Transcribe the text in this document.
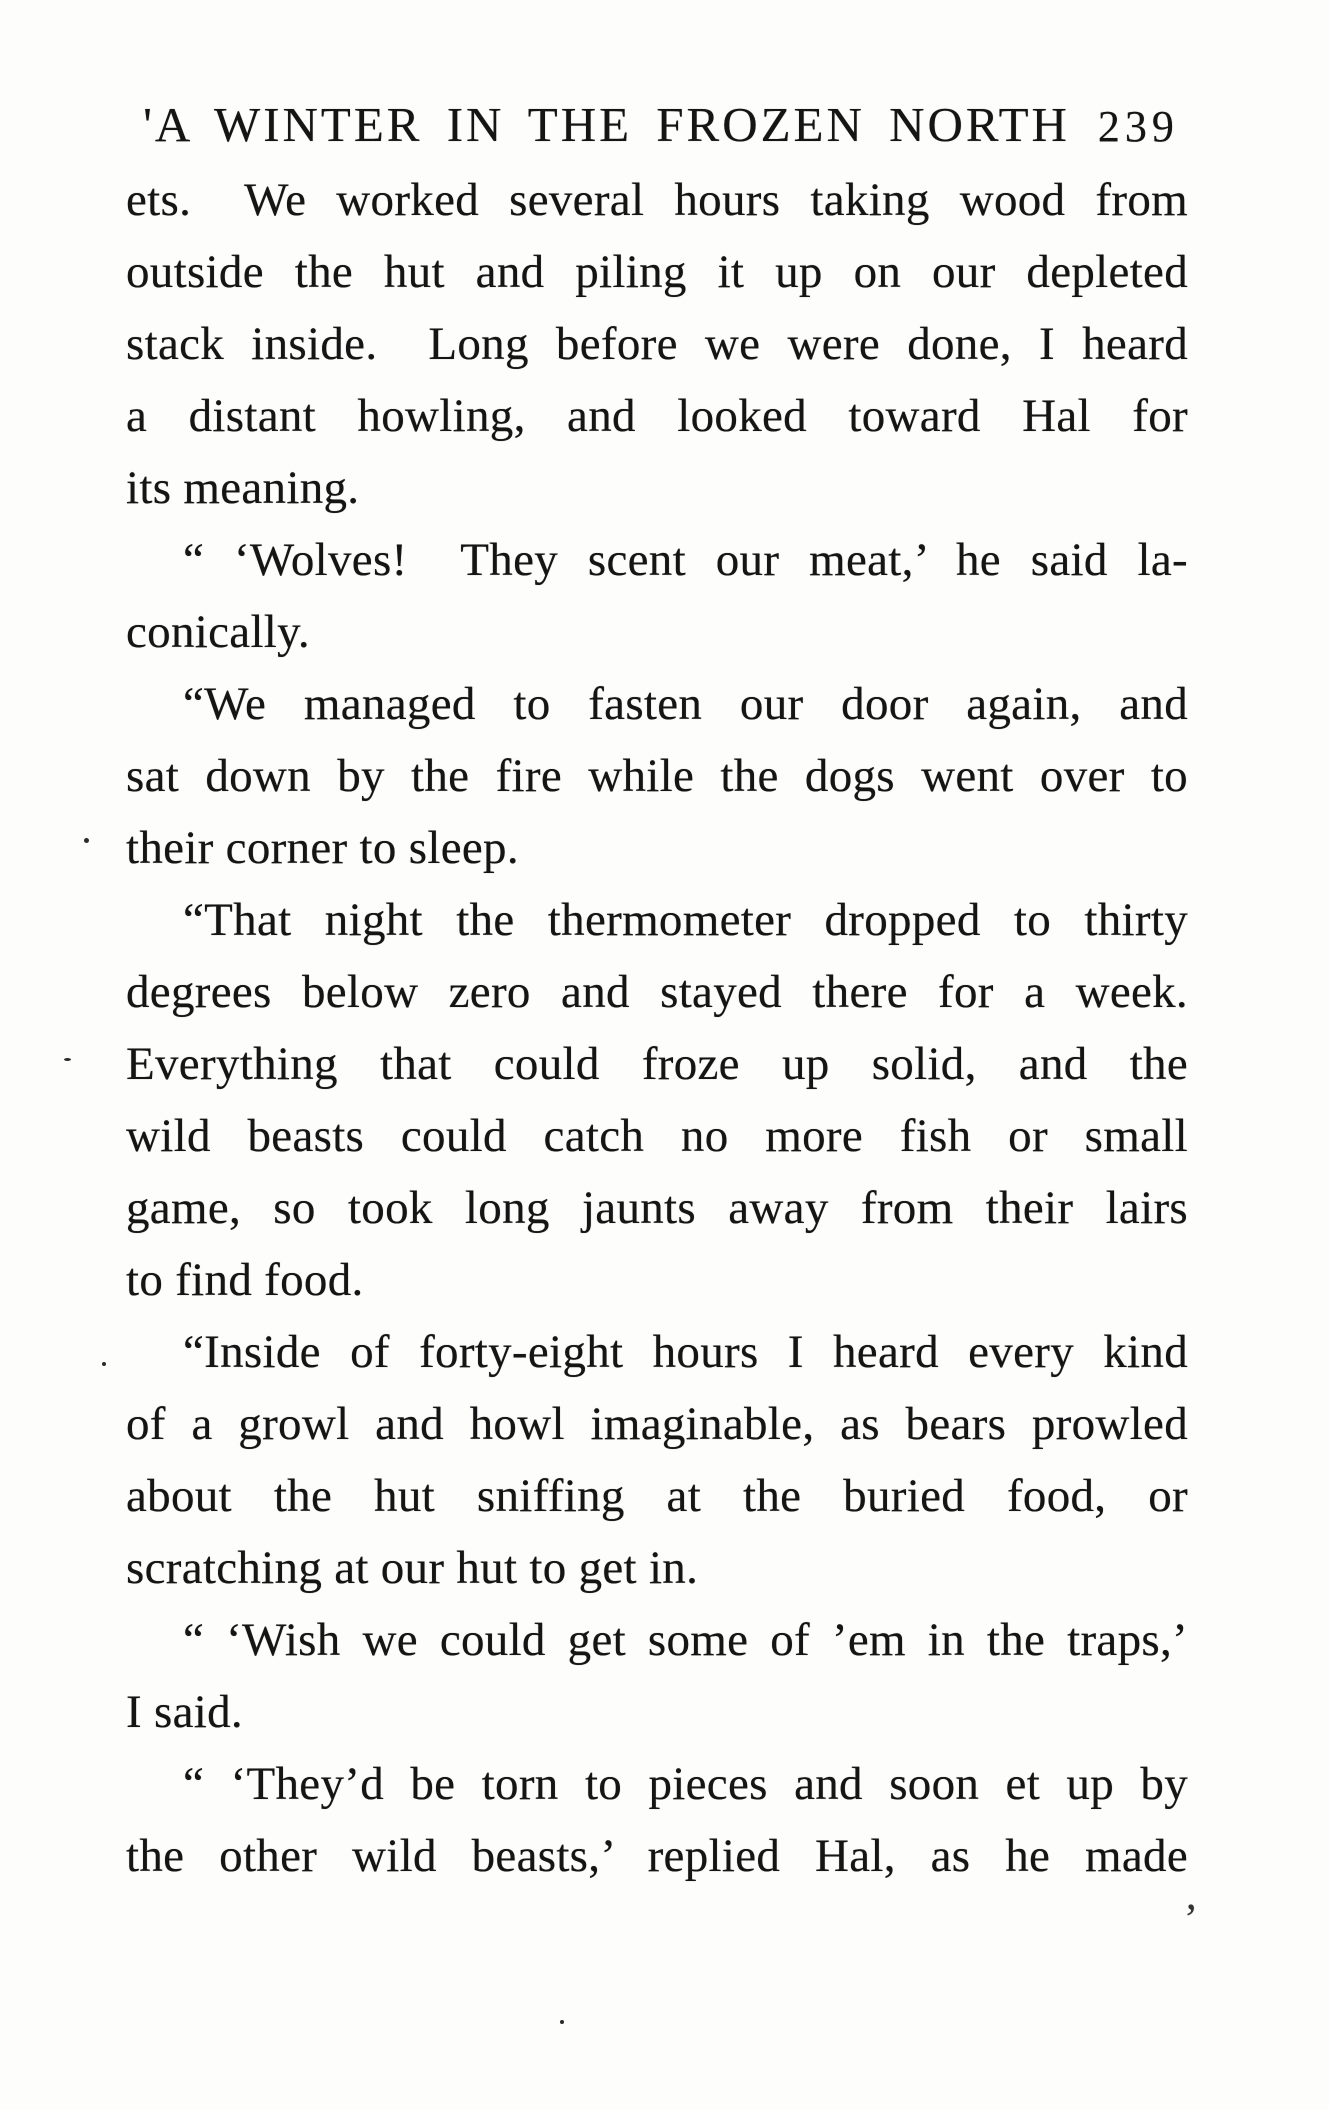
'A WINTER IN THE FROZEN NORTH 239
ets.  We worked several hours taking wood from
outside the hut and piling it up on our depleted
stack inside.  Long before we were done, I heard
a distant howling, and looked toward Hal for
its meaning.
“ ‘Wolves!  They scent our meat,’ he said la-
conically.
“We managed to fasten our door again, and
sat down by the fire while the dogs went over to
their corner to sleep.
“That night the thermometer dropped to thirty
degrees below zero and stayed there for a week.
Everything that could froze up solid, and the
wild beasts could catch no more fish or small
game, so took long jaunts away from their lairs
to find food.
“Inside of forty-eight hours I heard every kind
of a growl and howl imaginable, as bears prowled
about the hut sniffing at the buried food, or
scratching at our hut to get in.
“ ‘Wish we could get some of ’em in the traps,’
I said.
“ ‘They’d be torn to pieces and soon et up by
the other wild beasts,’ replied Hal, as he made
,
